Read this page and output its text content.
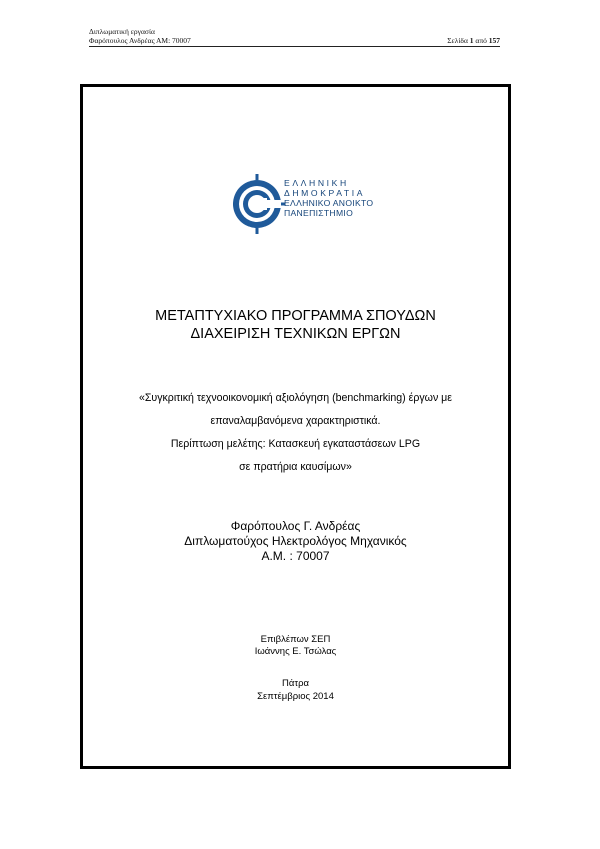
Διπλωματική εργασία
Φαρόπουλος Ανδρέας ΑΜ: 70007	Σελίδα 1 από 157
ΕΛΛΗΝΙΚΗ
ΔΗΜΟΚΡΑΤΙΑ
ΕΛΛΗΝΙΚΟ ΑΝΟΙΚΤΟ
ΠΑΝΕΠΙΣΤΗΜΙΟ
ΜΕΤΑΠΤΥΧΙΑΚΟ ΠΡΟΓΡΑΜΜΑ ΣΠΟΥΔΩΝ
ΔΙΑΧΕΙΡΙΣΗ ΤΕΧΝΙΚΩΝ ΕΡΓΩΝ
«Συγκριτική τεχνοοικονομική αξιολόγηση (benchmarking) έργων με
επαναλαμβανόμενα χαρακτηριστικά.
Περίπτωση μελέτης: Κατασκευή εγκαταστάσεων LPG
σε πρατήρια καυσίμων»
Φαρόπουλος Γ. Ανδρέας
Διπλωματούχος Ηλεκτρολόγος Μηχανικός
Α.Μ. : 70007
Επιβλέπων ΣΕΠ
Ιωάννης Ε. Τσώλας
Πάτρα
Σεπτέμβριος 2014
